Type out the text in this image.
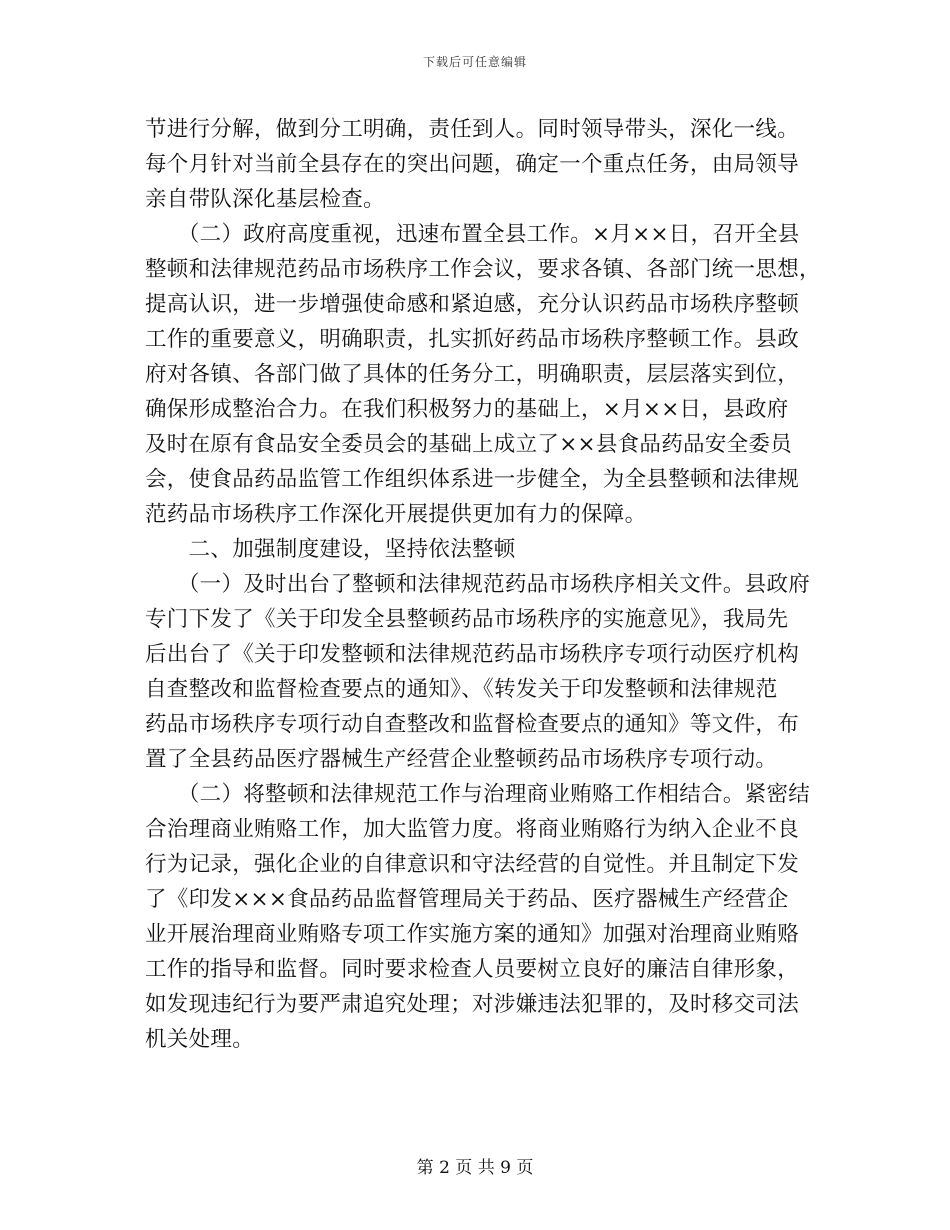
下载后可任意编辑
节进行分解，做到分工明确，责任到人。同时领导带头，深化一线。
每个月针对当前全县存在的突出问题，确定一个重点任务，由局领导
亲自带队深化基层检查。
　　（二）政府高度重视，迅速布置全县工作。×月××日，召开全县
整顿和法律规范药品市场秩序工作会议，要求各镇、各部门统一思想，
提高认识，进一步增强使命感和紧迫感，充分认识药品市场秩序整顿
工作的重要意义，明确职责，扎实抓好药品市场秩序整顿工作。县政
府对各镇、各部门做了具体的任务分工，明确职责，层层落实到位，
确保形成整治合力。在我们积极努力的基础上，×月××日，县政府
及时在原有食品安全委员会的基础上成立了××县食品药品安全委员
会，使食品药品监管工作组织体系进一步健全，为全县整顿和法律规
范药品市场秩序工作深化开展提供更加有力的保障。
　　二、加强制度建设，坚持依法整顿
　　（一）及时出台了整顿和法律规范药品市场秩序相关文件。县政府
专门下发了《关于印发全县整顿药品市场秩序的实施意见》，我局先
后出台了《关于印发整顿和法律规范药品市场秩序专项行动医疗机构
自查整改和监督检查要点的通知》、《转发关于印发整顿和法律规范
药品市场秩序专项行动自查整改和监督检查要点的通知》等文件，布
置了全县药品医疗器械生产经营企业整顿药品市场秩序专项行动。
　　（二）将整顿和法律规范工作与治理商业贿赂工作相结合。紧密结
合治理商业贿赂工作，加大监管力度。将商业贿赂行为纳入企业不良
行为记录，强化企业的自律意识和守法经营的自觉性。并且制定下发
了《印发×××食品药品监督管理局关于药品、医疗器械生产经营企
业开展治理商业贿赂专项工作实施方案的通知》加强对治理商业贿赂
工作的指导和监督。同时要求检查人员要树立良好的廉洁自律形象，
如发现违纪行为要严肃追究处理；对涉嫌违法犯罪的，及时移交司法
机关处理。
第 2 页 共 9 页
